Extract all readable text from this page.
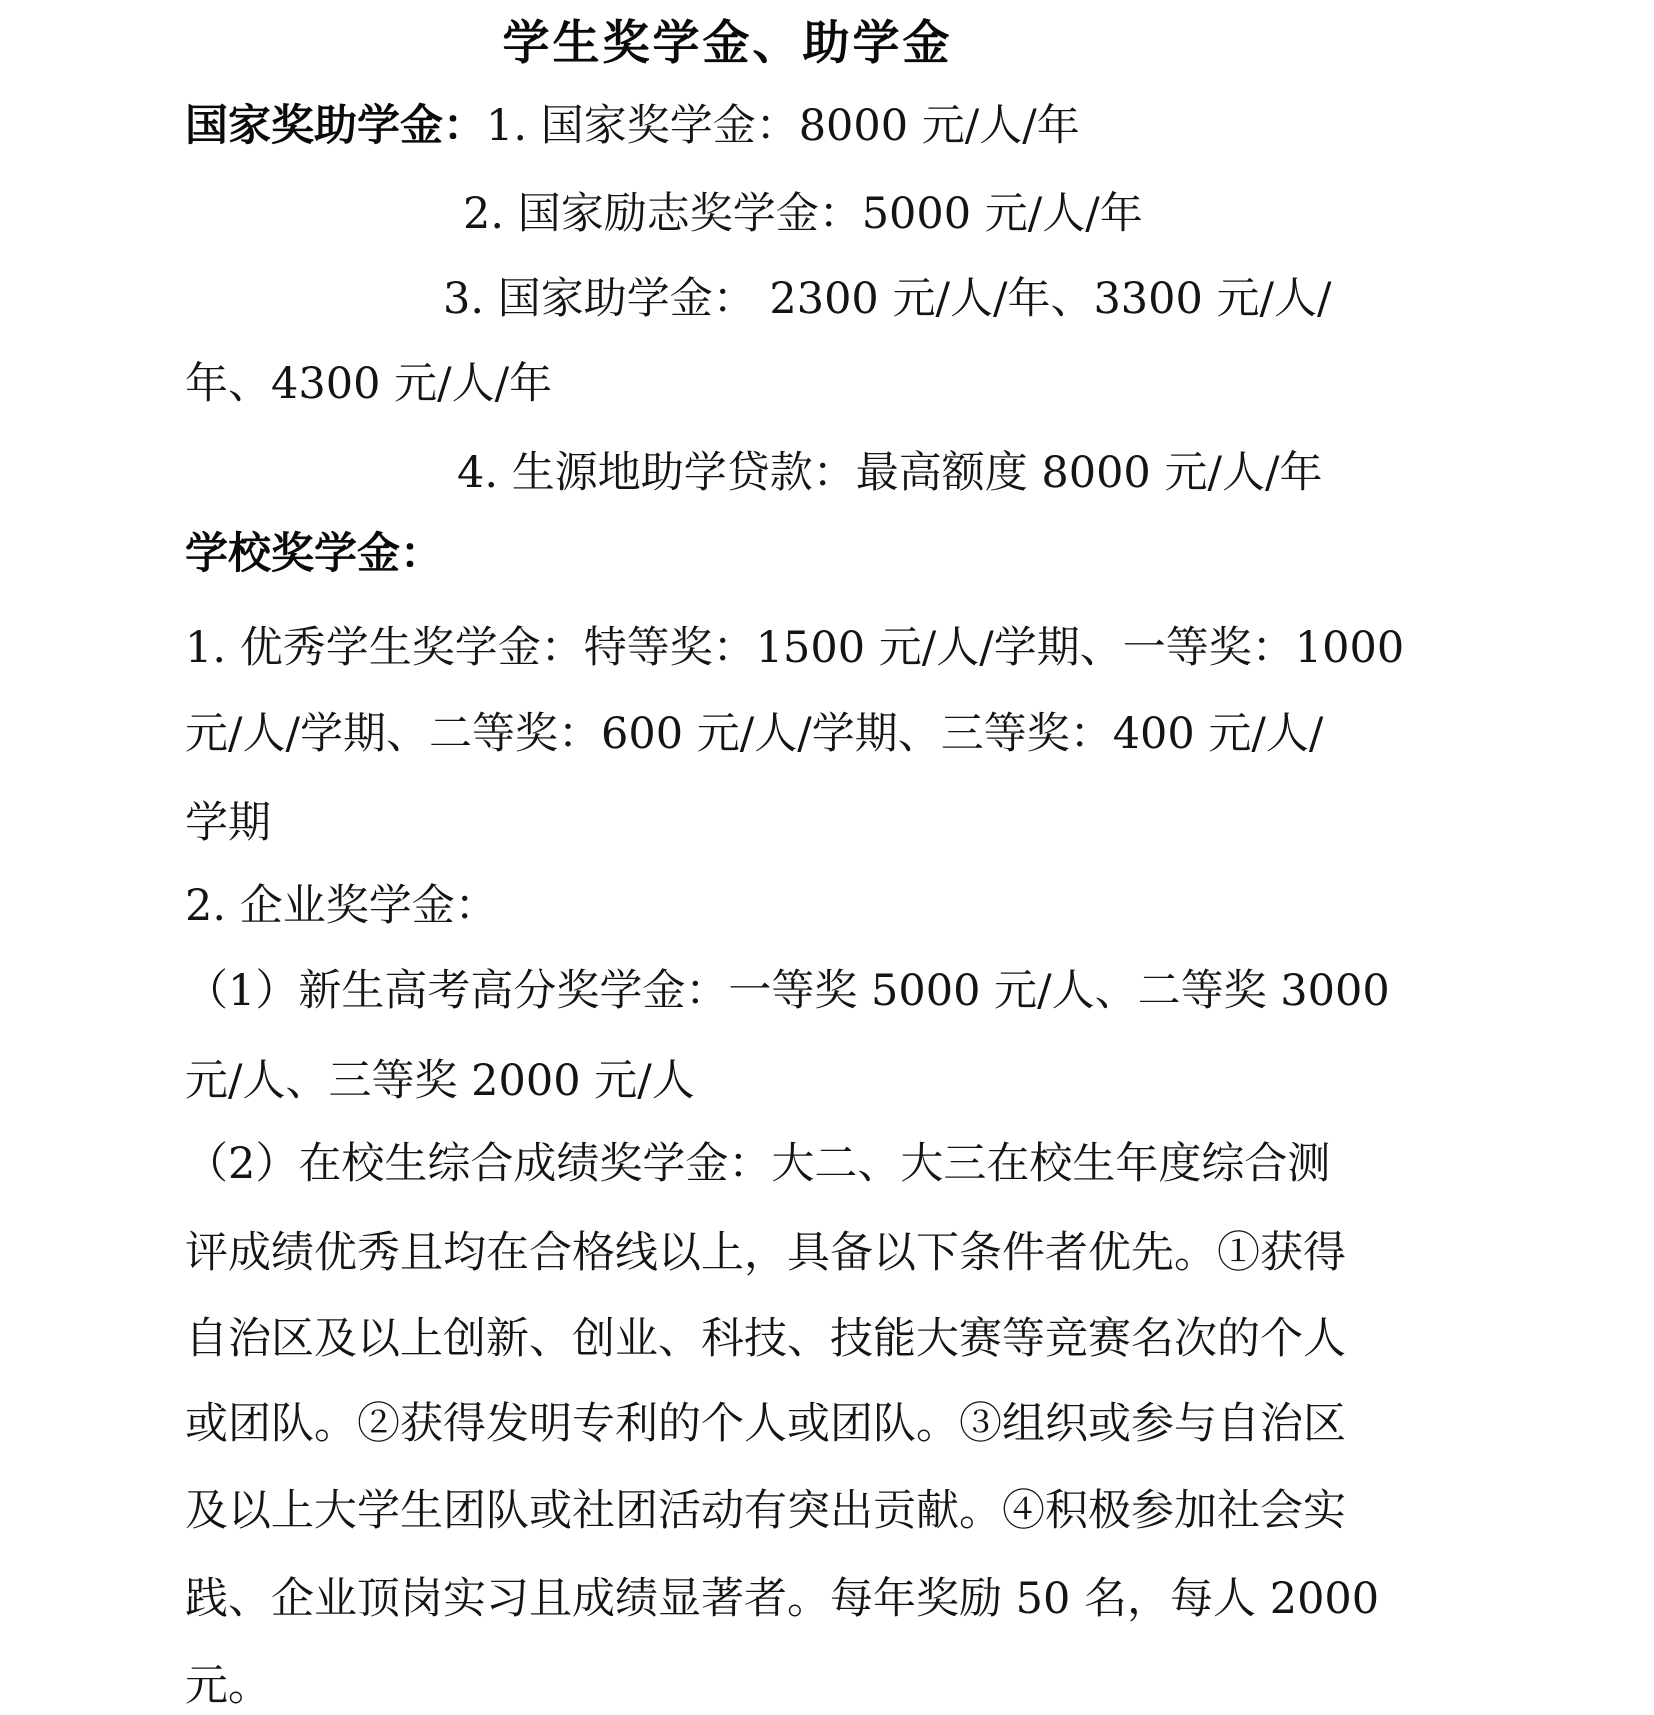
学生奖学金、助学金
国家奖助学金：1. 国家奖学金：8000 元/人/年
2. 国家励志奖学金：5000 元/人/年
3. 国家助学金： 2300 元/人/年、3300 元/人/
年、4300 元/人/年
4. 生源地助学贷款：最高额度 8000 元/人/年
学校奖学金：
1. 优秀学生奖学金：特等奖：1500 元/人/学期、一等奖：1000
元/人/学期、二等奖：600 元/人/学期、三等奖：400 元/人/
学期
2. 企业奖学金：
（1）新生高考高分奖学金：一等奖 5000 元/人、二等奖 3000
元/人、三等奖 2000 元/人
（2）在校生综合成绩奖学金：大二、大三在校生年度综合测
评成绩优秀且均在合格线以上，具备以下条件者优先。①获得
自治区及以上创新、创业、科技、技能大赛等竞赛名次的个人
或团队。②获得发明专利的个人或团队。③组织或参与自治区
及以上大学生团队或社团活动有突出贡献。④积极参加社会实
践、企业顶岗实习且成绩显著者。每年奖励 50 名，每人 2000
元。
